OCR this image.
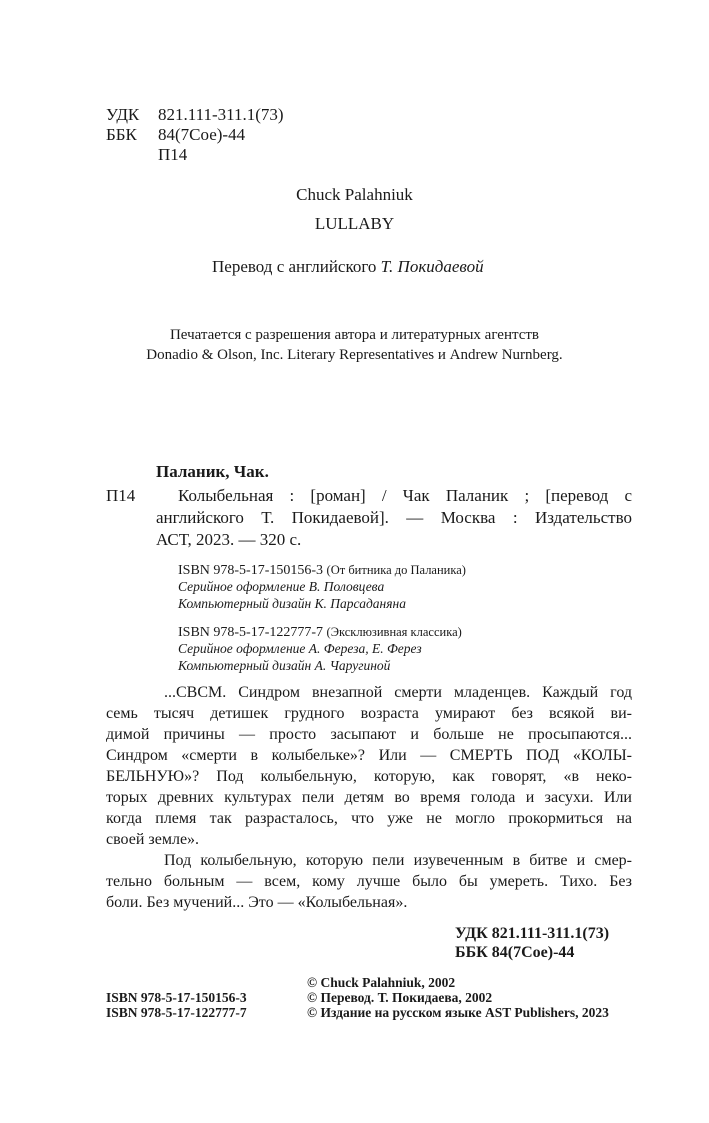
УДК 821.111-311.1(73)
ББК 84(7Сое)-44
П14
Chuck Palahniuk
LULLABY
Перевод с английского Т. Покидаевой
Печатается с разрешения автора и литературных агентств
Donadio & Olson, Inc. Literary Representatives и Andrew Nurnberg.
Паланик, Чак.
П14	Колыбельная : [роман] / Чак Паланик ; [перевод с
английского Т. Покидаевой]. — Москва : Издательство
АСТ, 2023. — 320 с.
ISBN 978-5-17-150156-3 (От битника до Паланика)
Серийное оформление В. Половцева
Компьютерный дизайн К. Парсаданяна
ISBN 978-5-17-122777-7 (Эксклюзивная классика)
Серийное оформление А. Фереза, Е. Ферез
Компьютерный дизайн А. Чаругиной
...СВСМ. Синдром внезапной смерти младенцев. Каждый год
семь тысяч детишек грудного возраста умирают без всякой ви-
димой причины — просто засыпают и больше не просыпаются...
Синдром «смерти в колыбельке»? Или — СМЕРТЬ ПОД «КОЛЫ-
БЕЛЬНУЮ»? Под колыбельную, которую, как говорят, «в неко-
торых древних культурах пели детям во время голода и засухи. Или
когда племя так разрасталось, что уже не могло прокормиться на
своей земле».
Под колыбельную, которую пели изувеченным в битве и смер-
тельно больным — всем, кому лучше было бы умереть. Тихо. Без
боли. Без мучений... Это — «Колыбельная».
УДК 821.111-311.1(73)
ББК 84(7Сое)-44
ISBN 978-5-17-150156-3
ISBN 978-5-17-122777-7
© Chuck Palahniuk, 2002
© Перевод. Т. Покидаева, 2002
© Издание на русском языке AST Publishers, 2023
